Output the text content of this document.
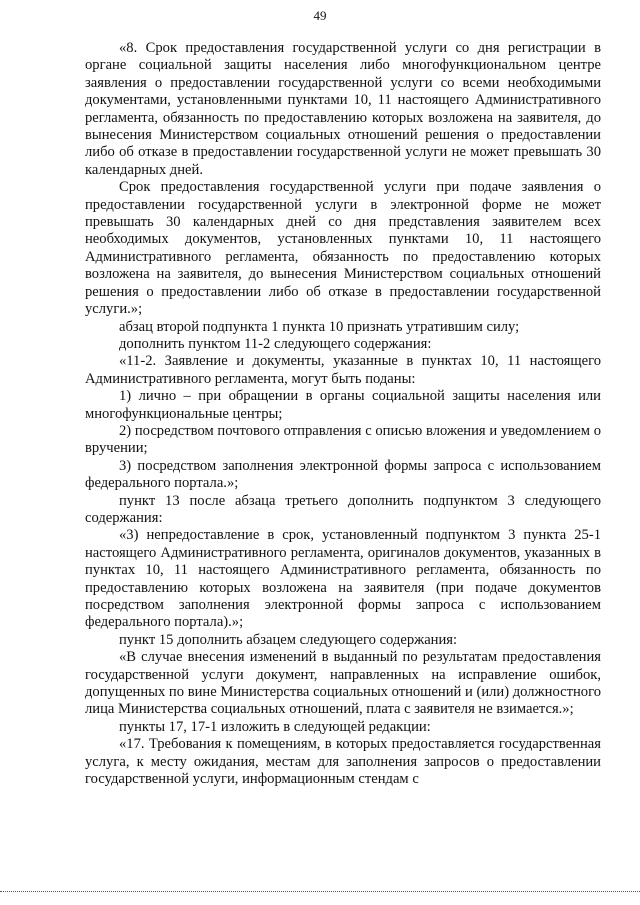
49

«8. Срок предоставления государственной услуги со дня регистрации в органе социальной защиты населения либо многофункциональном центре заявления о предоставлении государственной услуги со всеми необходимыми документами, установленными пунктами 10, 11 настоящего Административного регламента, обязанность по предоставлению которых возложена на заявителя, до вынесения Министерством социальных отношений решения о предоставлении либо об отказе в предоставлении государственной услуги не может превышать 30 календарных дней.

Срок предоставления государственной услуги при подаче заявления о предоставлении государственной услуги в электронной форме не может превышать 30 календарных дней со дня представления заявителем всех необходимых документов, установленных пунктами 10, 11 настоящего Административного регламента, обязанность по предоставлению которых возложена на заявителя, до вынесения Министерством социальных отношений решения о предоставлении либо об отказе в предоставлении государственной услуги.»;

абзац второй подпункта 1 пункта 10 признать утратившим силу;

дополнить пунктом 11-2 следующего содержания:

«11-2. Заявление и документы, указанные в пунктах 10, 11 настоящего Административного регламента, могут быть поданы:

1) лично – при обращении в органы социальной защиты населения или многофункциональные центры;

2) посредством почтового отправления с описью вложения и уведомлением о вручении;

3) посредством заполнения электронной формы запроса с использованием федерального портала.»;

пункт 13 после абзаца третьего дополнить подпунктом 3 следующего содержания:

«3) непредоставление в срок, установленный подпунктом 3 пункта 25-1 настоящего Административного регламента, оригиналов документов, указанных в пунктах 10, 11 настоящего Административного регламента, обязанность по предоставлению которых возложена на заявителя (при подаче документов посредством заполнения электронной формы запроса с использованием федерального портала).»;

пункт 15 дополнить абзацем следующего содержания:

«В случае внесения изменений в выданный по результатам предоставления государственной услуги документ, направленных на исправление ошибок, допущенных по вине Министерства социальных отношений и (или) должностного лица Министерства социальных отношений, плата с заявителя не взимается.»;

пункты 17, 17-1 изложить в следующей редакции:

«17. Требования к помещениям, в которых предоставляется государственная услуга, к месту ожидания, местам для заполнения запросов о предоставлении государственной услуги, информационным стендам с
